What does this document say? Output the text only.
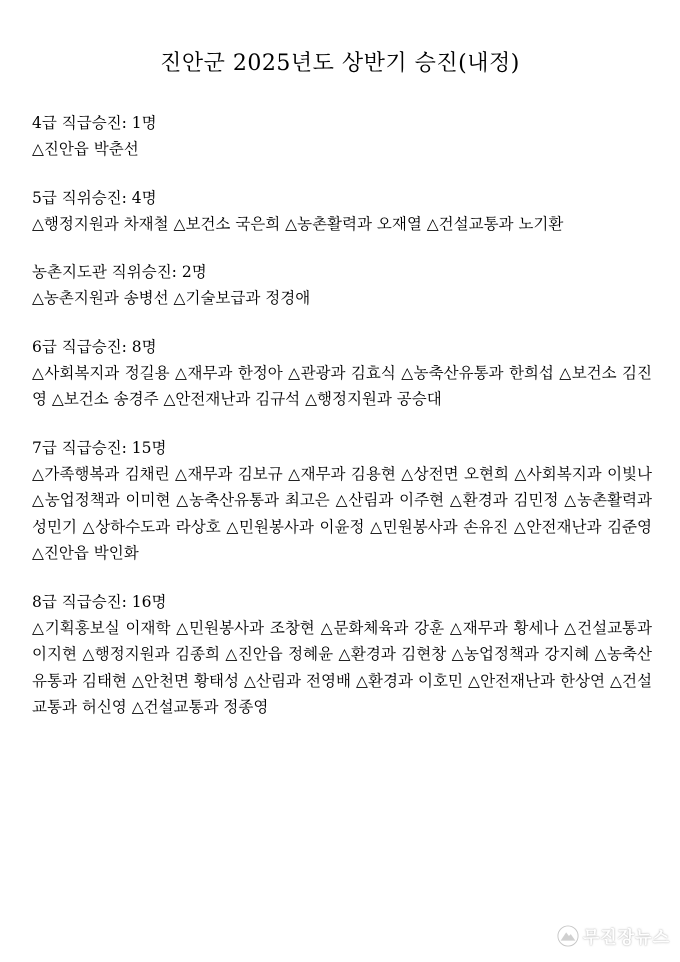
진안군 2025년도 상반기 승진(내정)
4급 직급승진: 1명
△진안읍 박춘선
5급 직위승진: 4명
△행정지원과 차재철 △보건소 국은희 △농촌활력과 오재열 △건설교통과 노기환
농촌지도관 직위승진: 2명
△농촌지원과 송병선 △기술보급과 정경애
6급 직급승진: 8명
△사회복지과 정길용 △재무과 한정아 △관광과 김효식 △농축산유통과 한희섭 △보건소 김진영 △보건소 송경주 △안전재난과 김규석 △행정지원과 공승대
7급 직급승진: 15명
△가족행복과 김채린 △재무과 김보규 △재무과 김용현 △상전면 오현희 △사회복지과 이빛나 △농업정책과 이미현 △농축산유통과 최고은 △산림과 이주현 △환경과 김민정 △농촌활력과 성민기 △상하수도과 라상호 △민원봉사과 이윤정 △민원봉사과 손유진 △안전재난과 김준영 △진안읍 박인화
8급 직급승진: 16명
△기획홍보실 이재학 △민원봉사과 조창현 △문화체육과 강훈 △재무과 황세나 △건설교통과 이지현 △행정지원과 김종희 △진안읍 정혜윤 △환경과 김현창 △농업정책과 강지혜 △농축산유통과 김태현 △안천면 황태성 △산림과 전영배 △환경과 이호민 △안전재난과 한상연 △건설교통과 허신영 △건설교통과 정종영
무진장뉴스
